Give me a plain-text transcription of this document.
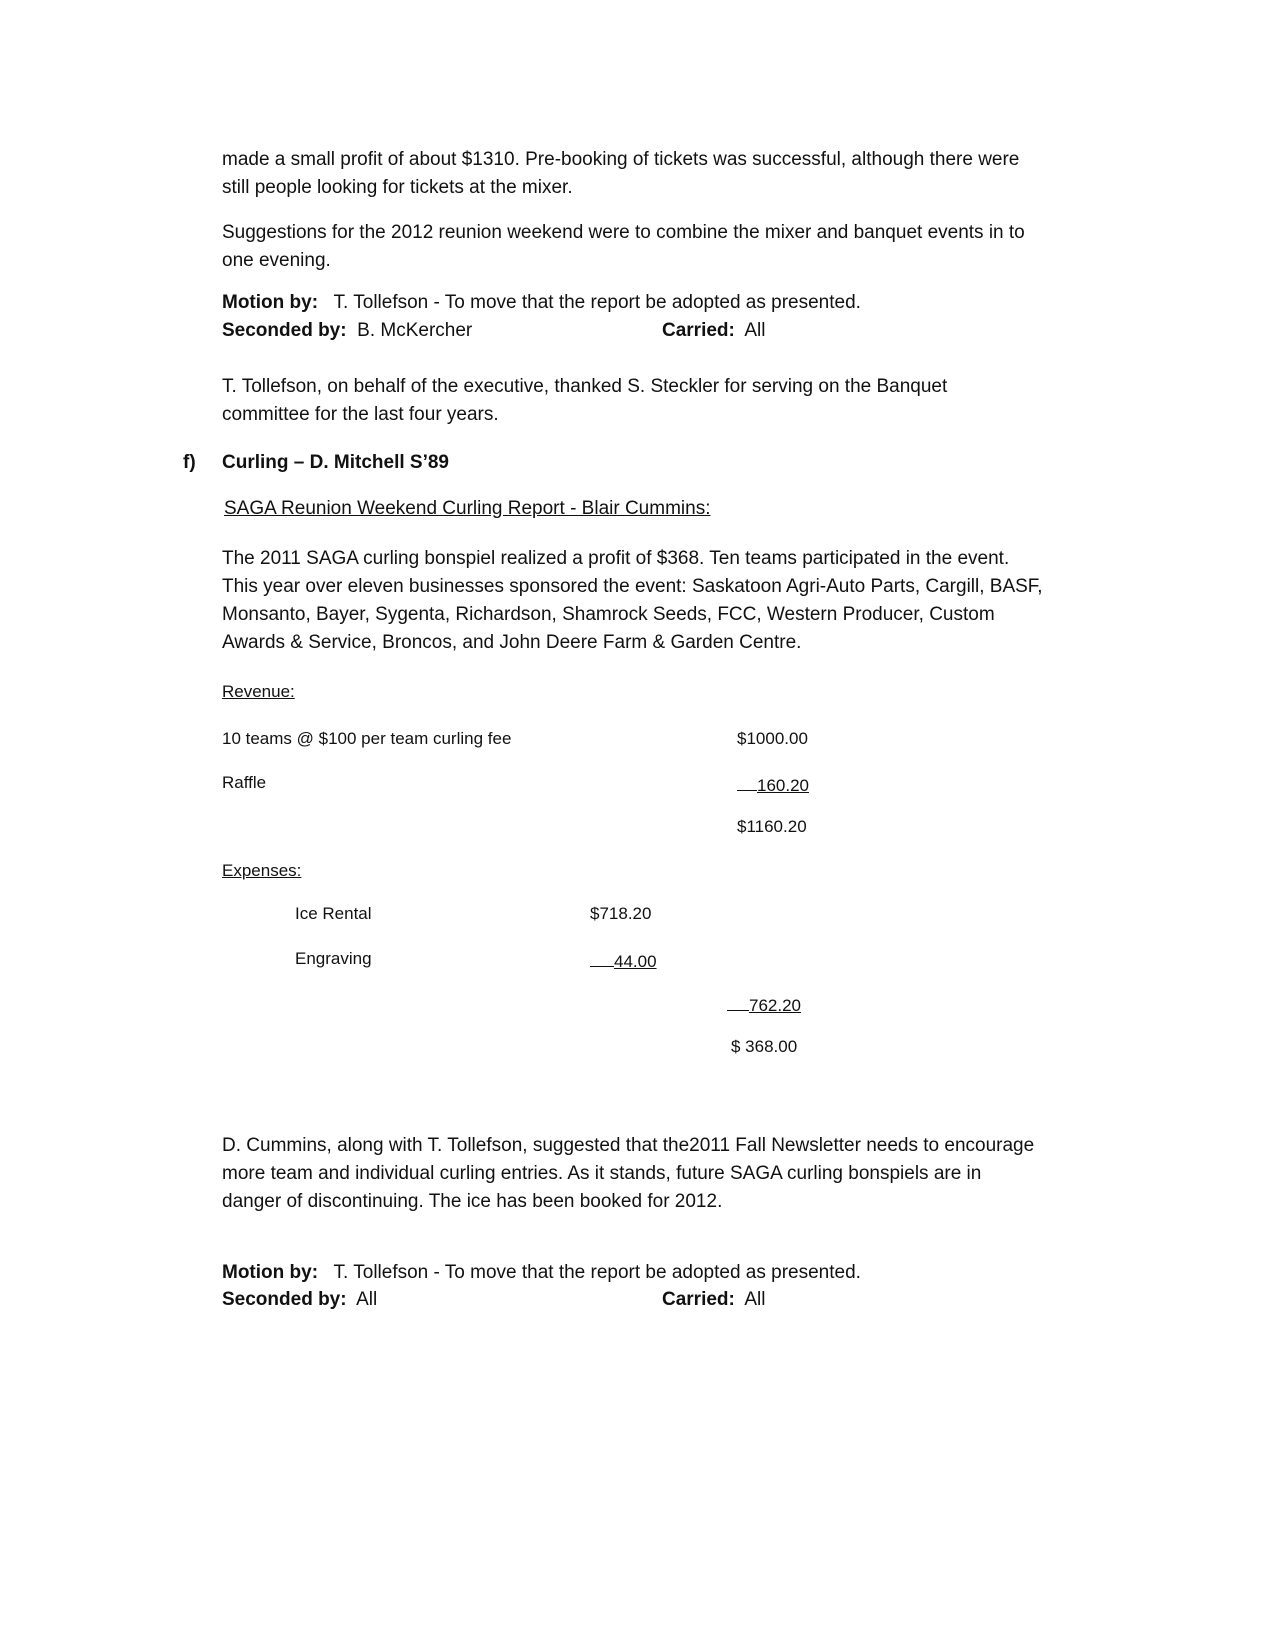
made a small profit of about $1310. Pre-booking of tickets was successful, although there were
still people looking for tickets at the mixer.
Suggestions for the 2012 reunion weekend were to combine the mixer and banquet events in to
one evening.
Motion by: T. Tollefson - To move that the report be adopted as presented.
Seconded by: B. McKercher	Carried: All
T. Tollefson, on behalf of the executive, thanked S. Steckler for serving on the Banquet
committee for the last four years.
f) Curling – D. Mitchell S’89
SAGA Reunion Weekend Curling Report - Blair Cummins:
The 2011 SAGA curling bonspiel realized a profit of $368. Ten teams participated in the event.
This year over eleven businesses sponsored the event: Saskatoon Agri-Auto Parts, Cargill, BASF,
Monsanto, Bayer, Sygenta, Richardson, Shamrock Seeds, FCC, Western Producer, Custom
Awards & Service, Broncos, and John Deere Farm & Garden Centre.
Revenue:
10 teams @ $100 per team curling fee	$1000.00
Raffle	160.20
$1160.20
Expenses:
Ice Rental	$718.20
Engraving	44.00
762.20
$ 368.00
D. Cummins, along with T. Tollefson, suggested that the2011 Fall Newsletter needs to encourage
more team and individual curling entries. As it stands, future SAGA curling bonspiels are in
danger of discontinuing. The ice has been booked for 2012.
Motion by: T. Tollefson - To move that the report be adopted as presented.
Seconded by: All	Carried: All
